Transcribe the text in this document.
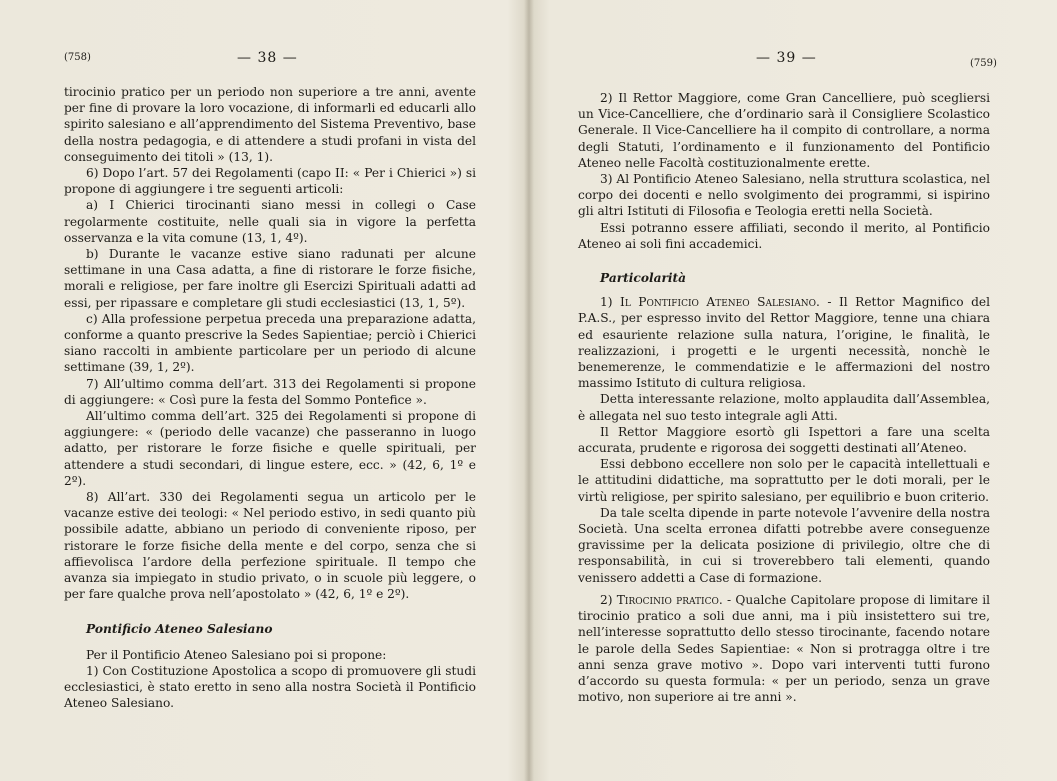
(758)	— 38 —

tirocinio pratico per un periodo non superiore a tre anni, avente per fine di provare la loro vocazione, di informarli ed educarli allo spirito salesiano e all’apprendimento del Sistema Preventivo, base della nostra pedagogia, e di attendere a studi profani in vista del conseguimento dei titoli » (13, 1).

6) Dopo l’art. 57 dei Regolamenti (capo II: « Per i Chierici ») si propone di aggiungere i tre seguenti articoli:

a) I Chierici tirocinanti siano messi in collegi o Case regolarmente costituite, nelle quali sia in vigore la perfetta osservanza e la vita comune (13, 1, 4º).

b) Durante le vacanze estive siano radunati per alcune settimane in una Casa adatta, a fine di ristorare le forze fisiche, morali e religiose, per fare inoltre gli Esercizi Spirituali adatti ad essi, per ripassare e completare gli studi ecclesiastici (13, 1, 5º).

c) Alla professione perpetua preceda una preparazione adatta, conforme a quanto prescrive la Sedes Sapientiae; perciò i Chierici siano raccolti in ambiente particolare per un periodo di alcune settimane (39, 1, 2º).

7) All’ultimo comma dell’art. 313 dei Regolamenti si propone di aggiungere: « Così pure la festa del Sommo Pontefice ».

All’ultimo comma dell’art. 325 dei Regolamenti si propone di aggiungere: « (periodo delle vacanze) che passeranno in luogo adatto, per ristorare le forze fisiche e quelle spirituali, per attendere a studi secondari, di lingue estere, ecc. » (42, 6, 1º e 2º).

8) All’art. 330 dei Regolamenti segua un articolo per le vacanze estive dei teologi: « Nel periodo estivo, in sedi quanto più possibile adatte, abbiano un periodo di conveniente riposo, per ristorare le forze fisiche della mente e del corpo, senza che si affievolisca l’ardore della perfezione spirituale. Il tempo che avanza sia impiegato in studio privato, o in scuole più leggere, o per fare qualche prova nell’apostolato » (42, 6, 1º e 2º).

Pontificio Ateneo Salesiano

Per il Pontificio Ateneo Salesiano poi si propone:

1) Con Costituzione Apostolica a scopo di promuovere gli studi ecclesiastici, è stato eretto in seno alla nostra Società il Pontificio Ateneo Salesiano.

— 39 —	(759)

2) Il Rettor Maggiore, come Gran Cancelliere, può scegliersi un Vice-Cancelliere, che d’ordinario sarà il Consigliere Scolastico Generale. Il Vice-Cancelliere ha il compito di controllare, a norma degli Statuti, l’ordinamento e il funzionamento del Pontificio Ateneo nelle Facoltà costituzionalmente erette.

3) Al Pontificio Ateneo Salesiano, nella struttura scolastica, nel corpo dei docenti e nello svolgimento dei programmi, si ispirino gli altri Istituti di Filosofia e Teologia eretti nella Società.

Essi potranno essere affiliati, secondo il merito, al Pontificio Ateneo ai soli fini accademici.

Particolarità

1) Il Pontificio Ateneo Salesiano. - Il Rettor Magnifico del P.A.S., per espresso invito del Rettor Maggiore, tenne una chiara ed esauriente relazione sulla natura, l’origine, le finalità, le realizzazioni, i progetti e le urgenti necessità, nonchè le benemerenze, le commendatizie e le affermazioni del nostro massimo Istituto di cultura religiosa.

Detta interessante relazione, molto applaudita dall’Assemblea, è allegata nel suo testo integrale agli Atti.

Il Rettor Maggiore esortò gli Ispettori a fare una scelta accurata, prudente e rigorosa dei soggetti destinati all’Ateneo.

Essi debbono eccellere non solo per le capacità intellettuali e le attitudini didattiche, ma soprattutto per le doti morali, per le virtù religiose, per spirito salesiano, per equilibrio e buon criterio.

Da tale scelta dipende in parte notevole l’avvenire della nostra Società. Una scelta erronea difatti potrebbe avere conseguenze gravissime per la delicata posizione di privilegio, oltre che di responsabilità, in cui si troverebbero tali elementi, quando venissero addetti a Case di formazione.

2) Tirocinio pratico. - Qualche Capitolare propose di limitare il tirocinio pratico a soli due anni, ma i più insistettero sui tre, nell’interesse soprattutto dello stesso tirocinante, facendo notare le parole della Sedes Sapientiae: « Non si protragga oltre i tre anni senza grave motivo ». Dopo vari interventi tutti furono d’accordo su questa formula: « per un periodo, senza un grave motivo, non superiore ai tre anni ».
